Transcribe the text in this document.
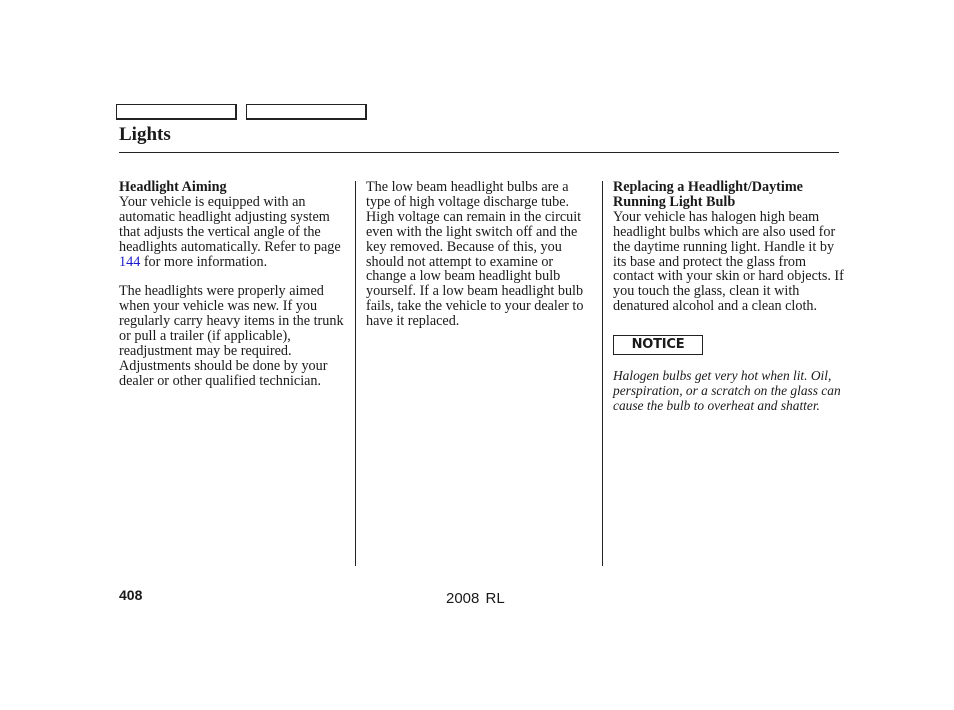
Lights
Headlight Aiming

Your vehicle is equipped with an automatic headlight adjusting system that adjusts the vertical angle of the headlights automatically. Refer to page 144 for more information.

The headlights were properly aimed when your vehicle was new. If you regularly carry heavy items in the trunk or pull a trailer (if applicable), readjustment may be required. Adjustments should be done by your dealer or other qualified technician.

The low beam headlight bulbs are a type of high voltage discharge tube. High voltage can remain in the circuit even with the light switch off and the key removed. Because of this, you should not attempt to examine or change a low beam headlight bulb yourself. If a low beam headlight bulb fails, take the vehicle to your dealer to have it replaced.

Replacing a Headlight/Daytime Running Light Bulb

Your vehicle has halogen high beam headlight bulbs which are also used for the daytime running light. Handle it by its base and protect the glass from contact with your skin or hard objects. If you touch the glass, clean it with denatured alcohol and a clean cloth.

NOTICE

Halogen bulbs get very hot when lit. Oil, perspiration, or a scratch on the glass can cause the bulb to overheat and shatter.

408	2008 RL
